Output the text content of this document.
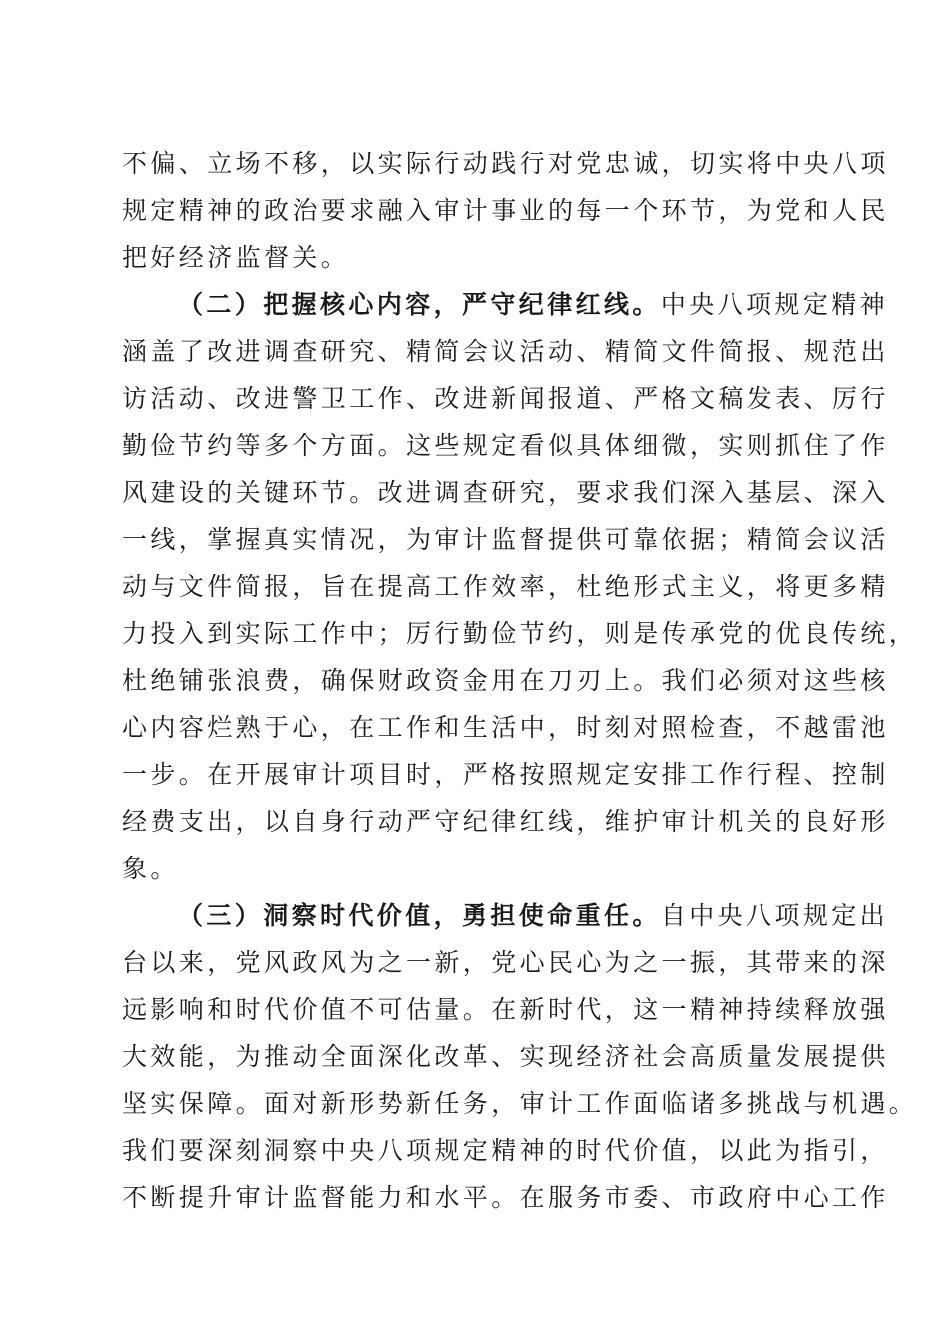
不偏、立场不移，以实际行动践行对党忠诚，切实将中央八项
规定精神的政治要求融入审计事业的每一个环节，为党和人民
把好经济监督关。
（二）把握核心内容，严守纪律红线。中央八项规定精神
涵盖了改进调查研究、精简会议活动、精简文件简报、规范出
访活动、改进警卫工作、改进新闻报道、严格文稿发表、厉行
勤俭节约等多个方面。这些规定看似具体细微，实则抓住了作
风建设的关键环节。改进调查研究，要求我们深入基层、深入
一线，掌握真实情况，为审计监督提供可靠依据；精简会议活
动与文件简报，旨在提高工作效率，杜绝形式主义，将更多精
力投入到实际工作中；厉行勤俭节约，则是传承党的优良传统，
杜绝铺张浪费，确保财政资金用在刀刃上。我们必须对这些核
心内容烂熟于心，在工作和生活中，时刻对照检查，不越雷池
一步。在开展审计项目时，严格按照规定安排工作行程、控制
经费支出，以自身行动严守纪律红线，维护审计机关的良好形
象。
（三）洞察时代价值，勇担使命重任。自中央八项规定出
台以来，党风政风为之一新，党心民心为之一振，其带来的深
远影响和时代价值不可估量。在新时代，这一精神持续释放强
大效能，为推动全面深化改革、实现经济社会高质量发展提供
坚实保障。面对新形势新任务，审计工作面临诸多挑战与机遇。
我们要深刻洞察中央八项规定精神的时代价值，以此为指引，
不断提升审计监督能力和水平。在服务市委、市政府中心工作
